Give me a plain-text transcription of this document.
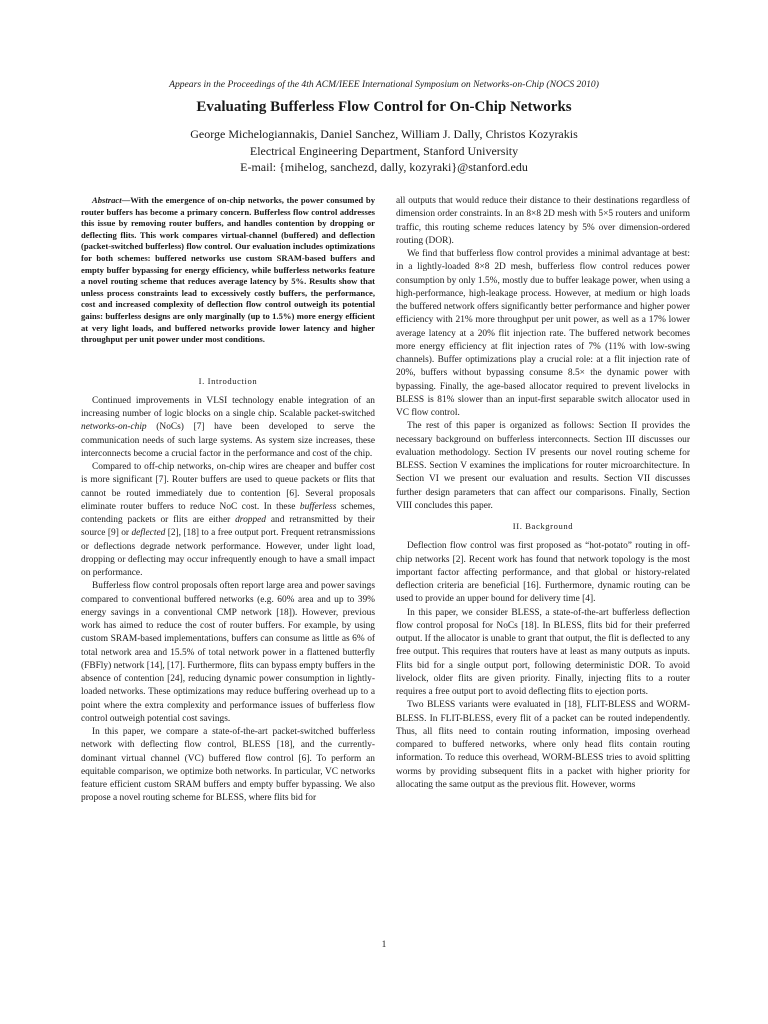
Appears in the Proceedings of the 4th ACM/IEEE International Symposium on Networks-on-Chip (NOCS 2010)
Evaluating Bufferless Flow Control for On-Chip Networks
George Michelogiannakis, Daniel Sanchez, William J. Dally, Christos Kozyrakis
Electrical Engineering Department, Stanford University
E-mail: {mihelog, sanchezd, dally, kozyraki}@stanford.edu

Abstract—With the emergence of on-chip networks, the power consumed by router buffers has become a primary concern. Bufferless flow control addresses this issue by removing router buffers, and handles contention by dropping or deflecting flits. This work compares virtual-channel (buffered) and deflection (packet-switched bufferless) flow control. Our evaluation includes optimizations for both schemes: buffered networks use custom SRAM-based buffers and empty buffer bypassing for energy efficiency, while bufferless networks feature a novel routing scheme that reduces average latency by 5%. Results show that unless process constraints lead to excessively costly buffers, the performance, cost and increased complexity of deflection flow control outweigh its potential gains: bufferless designs are only marginally (up to 1.5%) more energy efficient at very light loads, and buffered networks provide lower latency and higher throughput per unit power under most conditions.

I. Introduction

Continued improvements in VLSI technology enable integration of an increasing number of logic blocks on a single chip. Scalable packet-switched networks-on-chip (NoCs) [7] have been developed to serve the communication needs of such large systems. As system size increases, these interconnects become a crucial factor in the performance and cost of the chip.

Compared to off-chip networks, on-chip wires are cheaper and buffer cost is more significant [7]. Router buffers are used to queue packets or flits that cannot be routed immediately due to contention [6]. Several proposals eliminate router buffers to reduce NoC cost. In these bufferless schemes, contending packets or flits are either dropped and retransmitted by their source [9] or deflected [2], [18] to a free output port. Frequent retransmissions or deflections degrade network performance. However, under light load, dropping or deflecting may occur infrequently enough to have a small impact on performance.

Bufferless flow control proposals often report large area and power savings compared to conventional buffered networks (e.g. 60% area and up to 39% energy savings in a conventional CMP network [18]). However, previous work has aimed to reduce the cost of router buffers. For example, by using custom SRAM-based implementations, buffers can consume as little as 6% of total network area and 15.5% of total network power in a flattened butterfly (FBFly) network [14], [17]. Furthermore, flits can bypass empty buffers in the absence of contention [24], reducing dynamic power consumption in lightly-loaded networks. These optimizations may reduce buffering overhead up to a point where the extra complexity and performance issues of bufferless flow control outweigh potential cost savings.

In this paper, we compare a state-of-the-art packet-switched bufferless network with deflecting flow control, BLESS [18], and the currently-dominant virtual channel (VC) buffered flow control [6]. To perform an equitable comparison, we optimize both networks. In particular, VC networks feature efficient custom SRAM buffers and empty buffer bypassing. We also propose a novel routing scheme for BLESS, where flits bid for

all outputs that would reduce their distance to their destinations regardless of dimension order constraints. In an 8×8 2D mesh with 5×5 routers and uniform traffic, this routing scheme reduces latency by 5% over dimension-ordered routing (DOR).

We find that bufferless flow control provides a minimal advantage at best: in a lightly-loaded 8×8 2D mesh, bufferless flow control reduces power consumption by only 1.5%, mostly due to buffer leakage power, when using a high-performance, high-leakage process. However, at medium or high loads the buffered network offers significantly better performance and higher power efficiency with 21% more throughput per unit power, as well as a 17% lower average latency at a 20% flit injection rate. The buffered network becomes more energy efficiency at flit injection rates of 7% (11% with low-swing channels). Buffer optimizations play a crucial role: at a flit injection rate of 20%, buffers without bypassing consume 8.5× the dynamic power with bypassing. Finally, the age-based allocator required to prevent livelocks in BLESS is 81% slower than an input-first separable switch allocator used in VC flow control.

The rest of this paper is organized as follows: Section II provides the necessary background on bufferless interconnects. Section III discusses our evaluation methodology. Section IV presents our novel routing scheme for BLESS. Section V examines the implications for router microarchitecture. In Section VI we present our evaluation and results. Section VII discusses further design parameters that can affect our comparisons. Finally, Section VIII concludes this paper.

II. Background

Deflection flow control was first proposed as “hot-potato” routing in off-chip networks [2]. Recent work has found that network topology is the most important factor affecting performance, and that global or history-related deflection criteria are beneficial [16]. Furthermore, dynamic routing can be used to provide an upper bound for delivery time [4].

In this paper, we consider BLESS, a state-of-the-art bufferless deflection flow control proposal for NoCs [18]. In BLESS, flits bid for their preferred output. If the allocator is unable to grant that output, the flit is deflected to any free output. This requires that routers have at least as many outputs as inputs. Flits bid for a single output port, following deterministic DOR. To avoid livelock, older flits are given priority. Finally, injecting flits to a router requires a free output port to avoid deflecting flits to ejection ports.

Two BLESS variants were evaluated in [18], FLIT-BLESS and WORM-BLESS. In FLIT-BLESS, every flit of a packet can be routed independently. Thus, all flits need to contain routing information, imposing overhead compared to buffered networks, where only head flits contain routing information. To reduce this overhead, WORM-BLESS tries to avoid splitting worms by providing subsequent flits in a packet with higher priority for allocating the same output as the previous flit. However, worms

1
